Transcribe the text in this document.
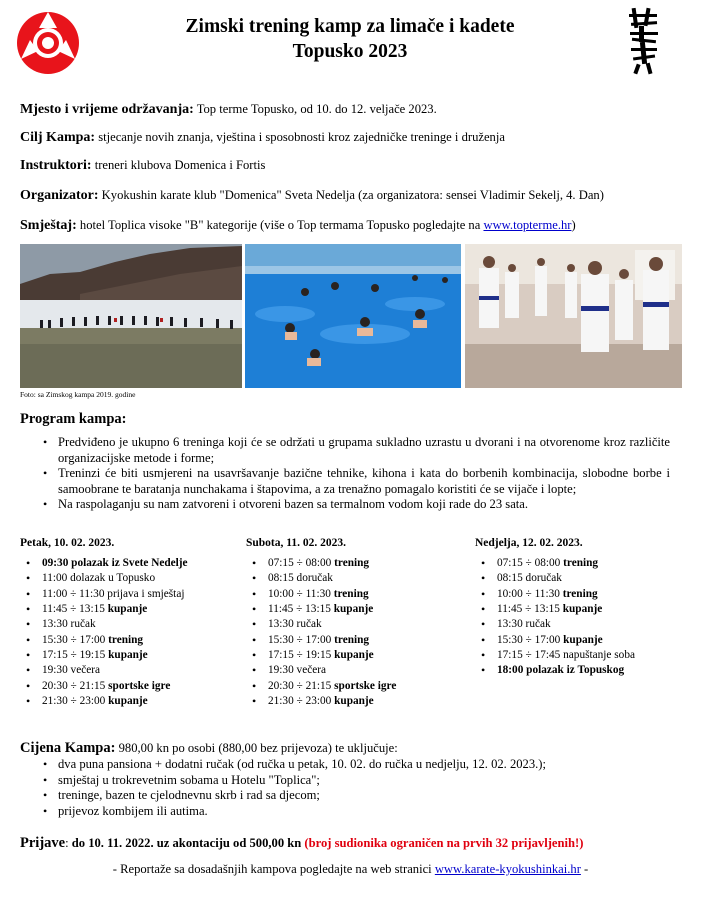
Zimski trening kamp za limače i kadete
Topusko 2023
Mjesto i vrijeme održavanja: Top terme Topusko, od 10. do 12. veljače 2023.
Cilj Kampa: stjecanje novih znanja, vještina i sposobnosti kroz zajedničke treninge i druženja
Instruktori: treneri klubova Domenica i Fortis
Organizator: Kyokushin karate klub "Domenica" Sveta Nedelja (za organizatora: sensei Vladimir Sekelj, 4. Dan)
Smještaj: hotel Toplica visoke "B" kategorije (više o Top termama Topusko pogledajte na www.topterme.hr)
Foto: sa Zimskog kampa 2019. godine
Program kampa:
• Predviđeno je ukupno 6 treninga koji će se održati u grupama sukladno uzrastu u dvorani i na otvorenome kroz različite organizacijske metode i forme;
• Treninzi će biti usmjereni na usavršavanje bazične tehnike, kihona i kata do borbenih kombinacija, slobodne borbe i samoobrane te baratanja nunchakama i štapovima, a za trenažno pomagalo koristiti će se vijače i lopte;
• Na raspolaganju su nam zatvoreni i otvoreni bazen sa termalnom vodom koji rade do 23 sata.
Petak, 10. 02. 2023.
• 09:30 polazak iz Svete Nedelje
• 11:00 dolazak u Topusko
• 11:00 ÷ 11:30 prijava i smještaj
• 11:45 ÷ 13:15 kupanje
• 13:30 ručak
• 15:30 ÷ 17:00 trening
• 17:15 ÷ 19:15 kupanje
• 19:30 večera
• 20:30 ÷ 21:15 sportske igre
• 21:30 ÷ 23:00 kupanje
Subota, 11. 02. 2023.
• 07:15 ÷ 08:00 trening
• 08:15 doručak
• 10:00 ÷ 11:30 trening
• 11:45 ÷ 13:15 kupanje
• 13:30 ručak
• 15:30 ÷ 17:00 trening
• 17:15 ÷ 19:15 kupanje
• 19:30 večera
• 20:30 ÷ 21:15 sportske igre
• 21:30 ÷ 23:00 kupanje
Nedjelja, 12. 02. 2023.
• 07:15 ÷ 08:00 trening
• 08:15 doručak
• 10:00 ÷ 11:30 trening
• 11:45 ÷ 13:15 kupanje
• 13:30 ručak
• 15:30 ÷ 17:00 kupanje
• 17:15 ÷ 17:45 napuštanje soba
• 18:00 polazak iz Topuskog
Cijena Kampa: 980,00 kn po osobi (880,00 bez prijevoza) te uključuje:
• dva puna pansiona + dodatni ručak (od ručka u petak, 10. 02. do ručka u nedjelju, 12. 02. 2023.);
• smještaj u trokrevetnim sobama u Hotelu "Toplica";
• treninge, bazen te cjelodnevnu skrb i rad sa djecom;
• prijevoz kombijem ili autima.
Prijave: do 10. 11. 2022. uz akontaciju od 500,00 kn (broj sudionika ograničen na prvih 32 prijavljenih!)
- Reportaže sa dosadašnjih kampova pogledajte na web stranici www.karate-kyokushinkai.hr -
